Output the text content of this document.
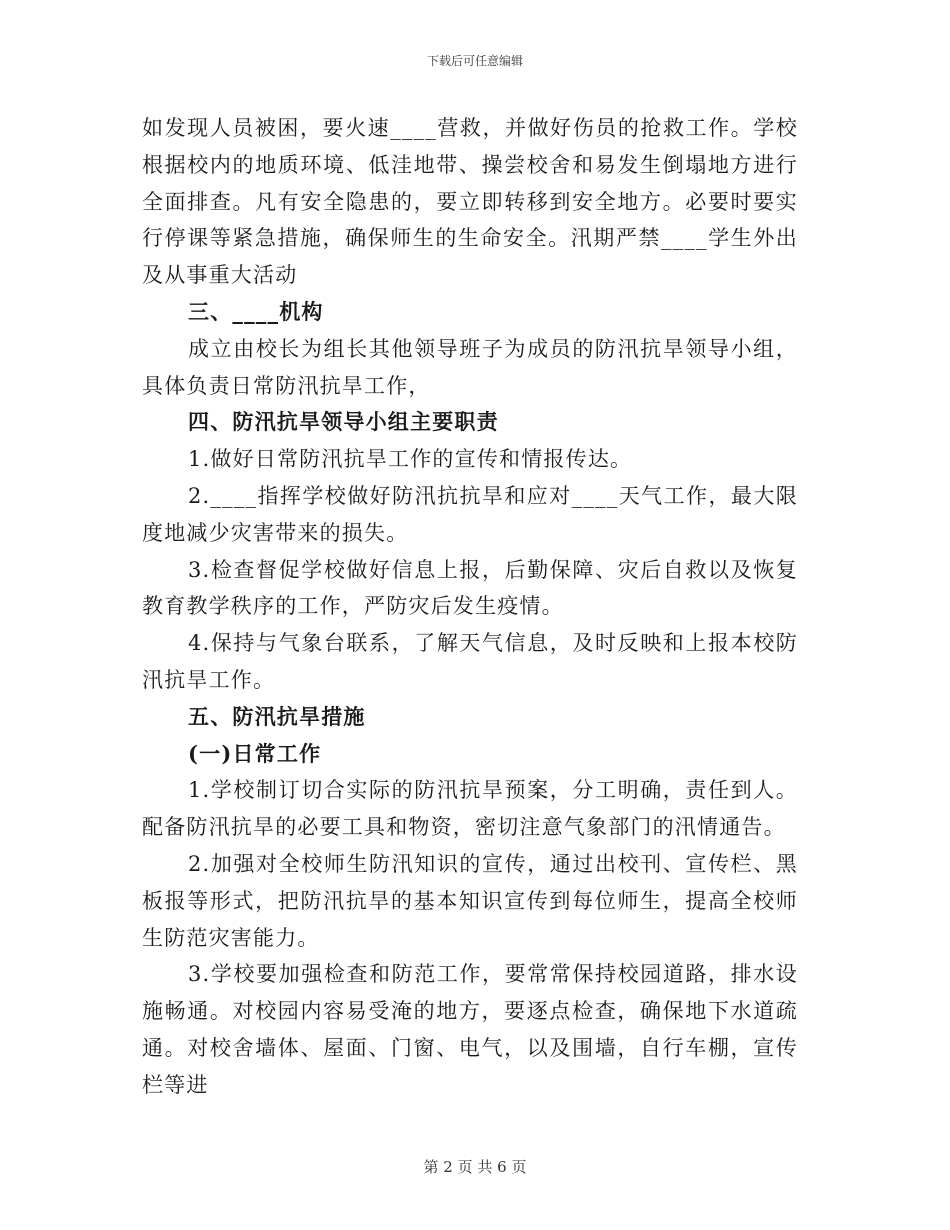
下载后可任意编辑

如发现人员被困，要火速____营救，并做好伤员的抢救工作。学校根据校内的地质环境、低洼地带、操尝校舍和易发生倒塌地方进行全面排查。凡有安全隐患的，要立即转移到安全地方。必要时要实行停课等紧急措施，确保师生的生命安全。汛期严禁____学生外出及从事重大活动

三、____机构

成立由校长为组长其他领导班子为成员的防汛抗旱领导小组，具体负责日常防汛抗旱工作，

四、防汛抗旱领导小组主要职责

1.做好日常防汛抗旱工作的宣传和情报传达。

2.____指挥学校做好防汛抗抗旱和应对____天气工作，最大限度地减少灾害带来的损失。

3.检查督促学校做好信息上报，后勤保障、灾后自救以及恢复教育教学秩序的工作，严防灾后发生疫情。

4.保持与气象台联系，了解天气信息，及时反映和上报本校防汛抗旱工作。

五、防汛抗旱措施

(一)日常工作

1.学校制订切合实际的防汛抗旱预案，分工明确，责任到人。配备防汛抗旱的必要工具和物资，密切注意气象部门的汛情通告。

2.加强对全校师生防汛知识的宣传，通过出校刊、宣传栏、黑板报等形式，把防汛抗旱的基本知识宣传到每位师生，提高全校师生防范灾害能力。

3.学校要加强检查和防范工作，要常常保持校园道路，排水设施畅通。对校园内容易受淹的地方，要逐点检查，确保地下水道疏通。对校舍墙体、屋面、门窗、电气，以及围墙，自行车棚，宣传栏等进

第 2 页 共 6 页
